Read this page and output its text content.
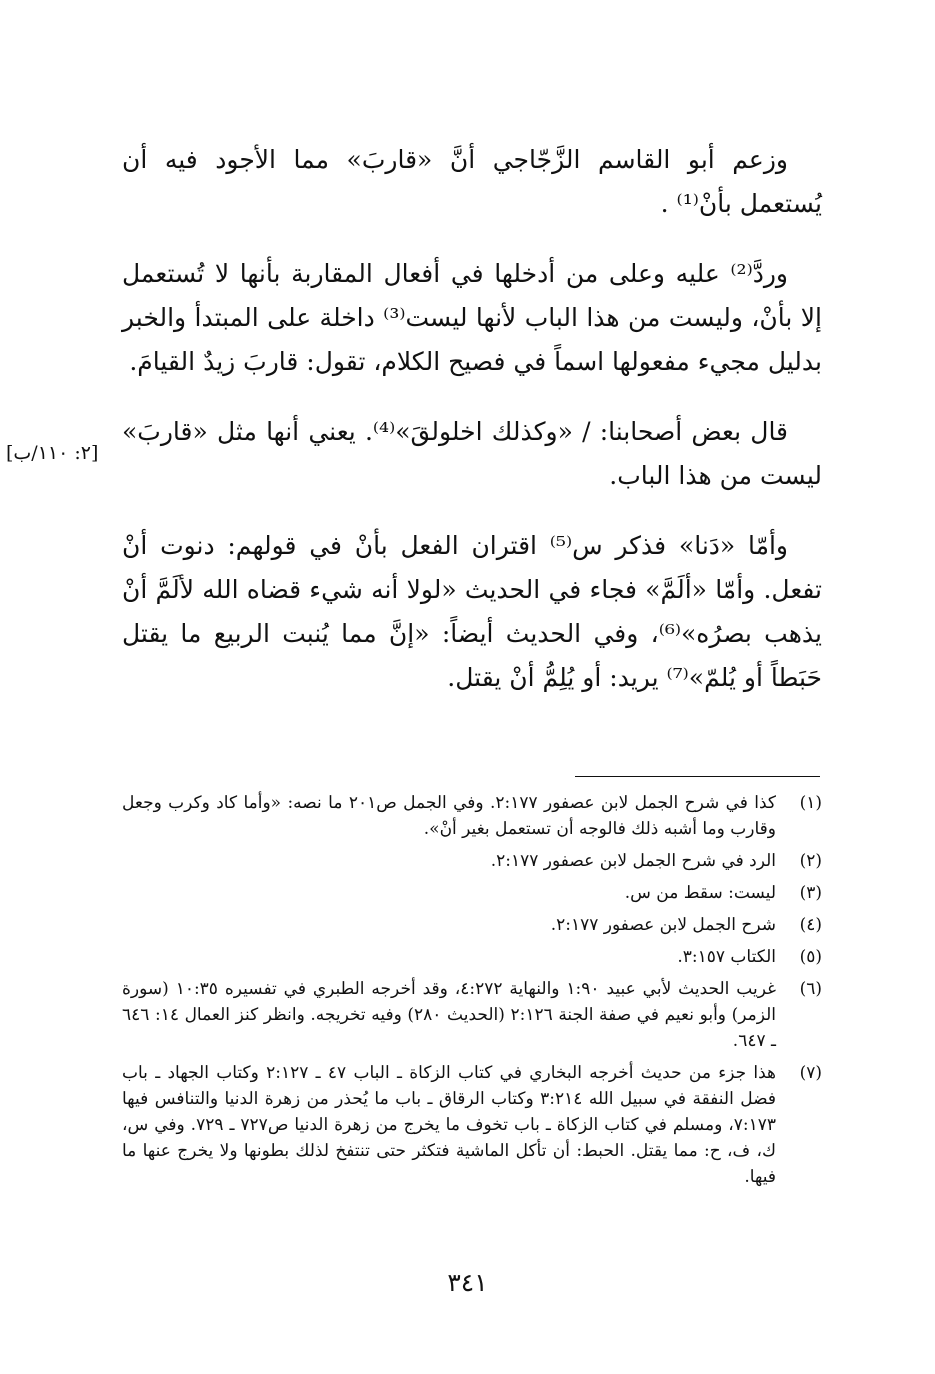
وزعم أبو القاسم الزَّجّاجي أنَّ «قاربَ» مما الأجود فيه أن يُستعمل بأنْ⁽¹⁾ .

وردَّ⁽²⁾ عليه وعلى من أدخلها في أفعال المقاربة بأنها لا تُستعمل إلا بأنْ، وليست من هذا الباب لأنها ليست⁽³⁾ داخلة على المبتدأ والخبر بدليل مجيء مفعولها اسماً في فصيح الكلام، تقول: قاربَ زيدٌ القيامَ.

قال بعض أصحابنا: / «وكذلك اخلولقَ»⁽⁴⁾. يعني أنها مثل «قاربَ» ليست من هذا الباب.

وأمّا «دَنا» فذكر س⁽⁵⁾ اقتران الفعل بأنْ في قولهم: دنوت أنْ تفعل. وأمّا «ألَمَّ» فجاء في الحديث «لولا أنه شيء قضاه الله لألَمَّ أنْ يذهب بصرُه»⁽⁶⁾، وفي الحديث أيضاً: «إنَّ مما يُنبت الربيع ما يقتل حَبَطاً أو يُلمّ»⁽⁷⁾ يريد: أو يُلِمُّ أنْ يقتل.

[۲: ۱۱۰/ب]
(۱)
كذا في شرح الجمل لابن عصفور ۲:۱۷۷. وفي الجمل ص۲۰۱ ما نصه: «وأما كاد وكرب وجعل وقارب وما أشبه ذلك فالوجه أن تستعمل بغير أنْ».
(۲)
الرد في شرح الجمل لابن عصفور ۲:۱۷۷.
(۳)
ليست: سقط من س.
(٤)
شرح الجمل لابن عصفور ۲:۱۷۷.
(٥)
الكتاب ۳:۱٥۷.
(٦)
غريب الحديث لأبي عبيد ۱:۹۰ والنهاية ٤:۲۷۲، وقد أخرجه الطبري في تفسيره ۱۰:۳٥ (سورة الزمر) وأبو نعيم في صفة الجنة ۲:۱۲٦ (الحديث ۲۸۰) وفيه تخريجه. وانظر كنز العمال ۱٤: ٦٤٦ ـ ٦٤۷.
(۷)
هذا جزء من حديث أخرجه البخاري في كتاب الزكاة ـ الباب ٤۷ ـ ۲:۱۲۷ وكتاب الجهاد ـ باب فضل النفقة في سبيل الله ۳:۲۱٤ وكتاب الرقاق ـ باب ما يُحذر من زهرة الدنيا والتنافس فيها ۷:۱۷۳، ومسلم في كتاب الزكاة ـ باب تخوف ما يخرج من زهرة الدنيا ص۷۲۷ ـ ۷۲۹. وفي س، ك، ف، ح: مما يقتل. الحبط: أن تأكل الماشية فتكثر حتى تنتفخ لذلك بطونها ولا يخرج عنها ما فيها.
۳٤۱
